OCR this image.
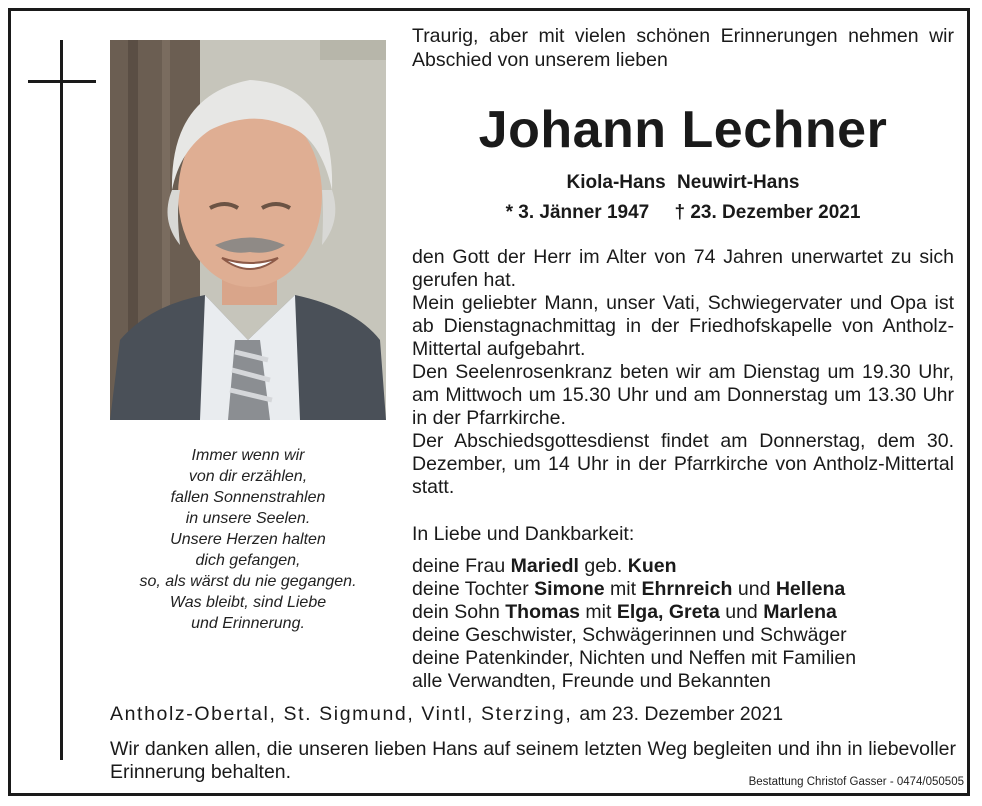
Immer wenn wir
von dir erzählen,
fallen Sonnenstrahlen
in unsere Seelen.
Unsere Herzen halten
dich gefangen,
so, als wärst du nie gegangen.
Was bleibt, sind Liebe
und Erinnerung.
Traurig, aber mit vielen schönen Erinnerungen nehmen wir Abschied von unserem lieben
Johann Lechner
Kiola-Hans Neuwirt-Hans
* 3. Jänner 1947 † 23. Dezember 2021
den Gott der Herr im Alter von 74 Jahren unerwartet zu sich gerufen hat.
Mein geliebter Mann, unser Vati, Schwiegervater und Opa ist ab Dienstagnachmittag in der Friedhofskapelle von Antholz-Mittertal aufgebahrt.
Den Seelenrosenkranz beten wir am Dienstag um 19.30 Uhr, am Mittwoch um 15.30 Uhr und am Donnerstag um 13.30 Uhr in der Pfarrkirche.
Der Abschiedsgottesdienst findet am Donnerstag, dem 30. Dezember, um 14 Uhr in der Pfarrkirche von Antholz-Mittertal statt.
In Liebe und Dankbarkeit:
deine Frau Mariedl geb. Kuen
deine Tochter Simone mit Ehrnreich und Hellena
dein Sohn Thomas mit Elga, Greta und Marlena
deine Geschwister, Schwägerinnen und Schwäger
deine Patenkinder, Nichten und Neffen mit Familien
alle Verwandten, Freunde und Bekannten
Antholz-Obertal, St. Sigmund, Vintl, Sterzing, am 23. Dezember 2021
Wir danken allen, die unseren lieben Hans auf seinem letzten Weg begleiten und ihn in liebevoller Erinnerung behalten.	Bestattung Christof Gasser - 0474/050505
